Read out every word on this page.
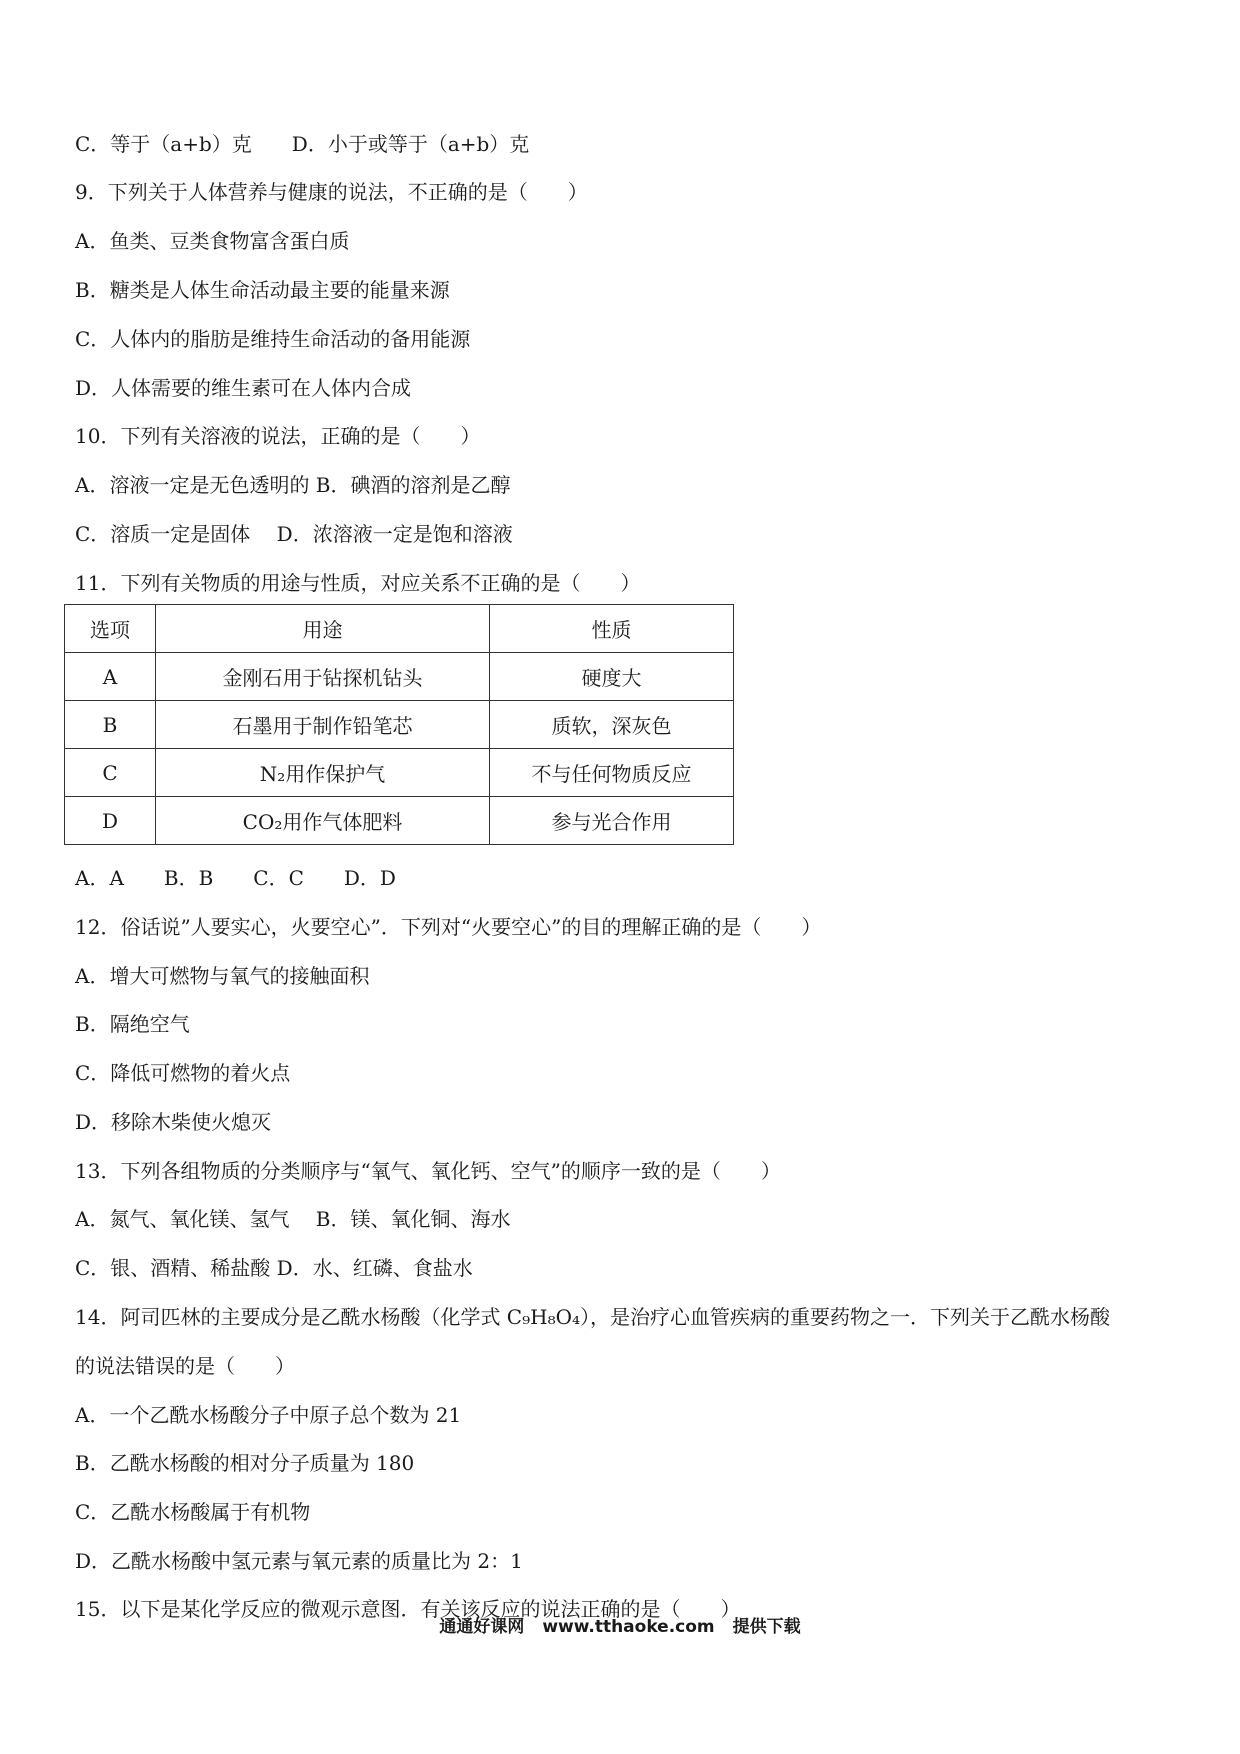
C．等于（a+b）克　　D．小于或等于（a+b）克
9．下列关于人体营养与健康的说法，不正确的是（　　）
A．鱼类、豆类食物富含蛋白质
B．糖类是人体生命活动最主要的能量来源
C．人体内的脂肪是维持生命活动的备用能源
D．人体需要的维生素可在人体内合成
10．下列有关溶液的说法，正确的是（　　）
A．溶液一定是无色透明的 B．碘酒的溶剂是乙醇
C．溶质一定是固体　 D．浓溶液一定是饱和溶液
11．下列有关物质的用途与性质，对应关系不正确的是（　　）
选项	用途	性质
A	金刚石用于钻探机钻头	硬度大
B	石墨用于制作铅笔芯	质软，深灰色
C	N₂用作保护气	不与任何物质反应
D	CO₂用作气体肥料	参与光合作用
A．A　　B．B　　C．C　　D．D
12．俗话说”人要实心，火要空心”．下列对“火要空心”的目的理解正确的是（　　）
A．增大可燃物与氧气的接触面积
B．隔绝空气
C．降低可燃物的着火点
D．移除木柴使火熄灭
13．下列各组物质的分类顺序与“氧气、氧化钙、空气”的顺序一致的是（　　）
A．氮气、氧化镁、氢气　 B．镁、氧化铜、海水
C．银、酒精、稀盐酸 D．水、红磷、食盐水
14．阿司匹林的主要成分是乙酰水杨酸（化学式 C₉H₈O₄），是治疗心血管疾病的重要药物之一．下列关于乙酰水杨酸
的说法错误的是（　　）
A．一个乙酰水杨酸分子中原子总个数为 21
B．乙酰水杨酸的相对分子质量为 180
C．乙酰水杨酸属于有机物
D．乙酰水杨酸中氢元素与氧元素的质量比为 2：1
15．以下是某化学反应的微观示意图．有关该反应的说法正确的是（　　）
通通好课网 www.tthaoke.com 提供下载
